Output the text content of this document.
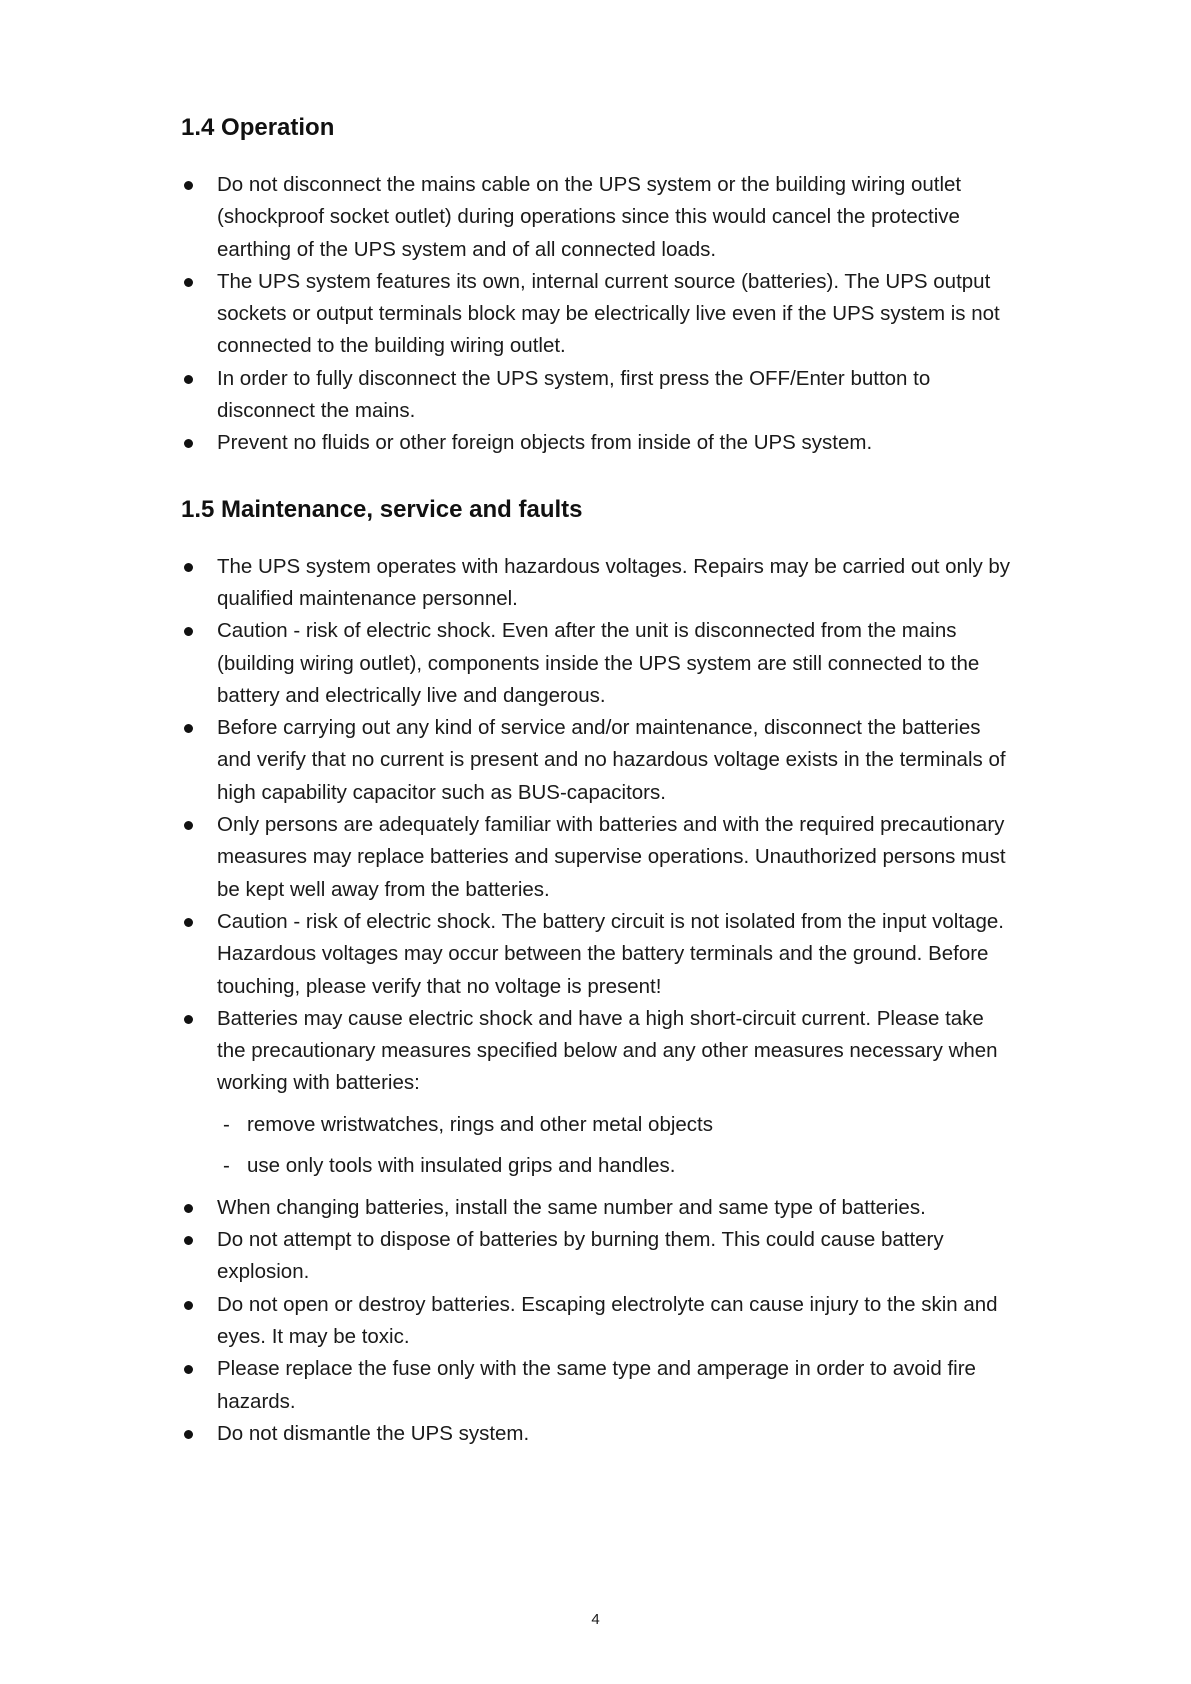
1.4 Operation
Do not disconnect the mains cable on the UPS system or the building wiring outlet (shockproof socket outlet) during operations since this would cancel the protective earthing of the UPS system and of all connected loads.
The UPS system features its own, internal current source (batteries). The UPS output sockets or output terminals block may be electrically live even if the UPS system is not connected to the building wiring outlet.
In order to fully disconnect the UPS system, first press the OFF/Enter button to disconnect the mains.
Prevent no fluids or other foreign objects from inside of the UPS system.
1.5 Maintenance, service and faults
The UPS system operates with hazardous voltages. Repairs may be carried out only by qualified maintenance personnel.
Caution - risk of electric shock. Even after the unit is disconnected from the mains (building wiring outlet), components inside the UPS system are still connected to the battery and electrically live and dangerous.
Before carrying out any kind of service and/or maintenance, disconnect the batteries and verify that no current is present and no hazardous voltage exists in the terminals of high capability capacitor such as BUS-capacitors.
Only persons are adequately familiar with batteries and with the required precautionary measures may replace batteries and supervise operations. Unauthorized persons must be kept well away from the batteries.
Caution - risk of electric shock. The battery circuit is not isolated from the input voltage. Hazardous voltages may occur between the battery terminals and the ground. Before touching, please verify that no voltage is present!
Batteries may cause electric shock and have a high short-circuit current. Please take the precautionary measures specified below and any other measures necessary when working with batteries:
- remove wristwatches, rings and other metal objects
- use only tools with insulated grips and handles.
When changing batteries, install the same number and same type of batteries.
Do not attempt to dispose of batteries by burning them. This could cause battery explosion.
Do not open or destroy batteries. Escaping electrolyte can cause injury to the skin and eyes. It may be toxic.
Please replace the fuse only with the same type and amperage in order to avoid fire hazards.
Do not dismantle the UPS system.
4
